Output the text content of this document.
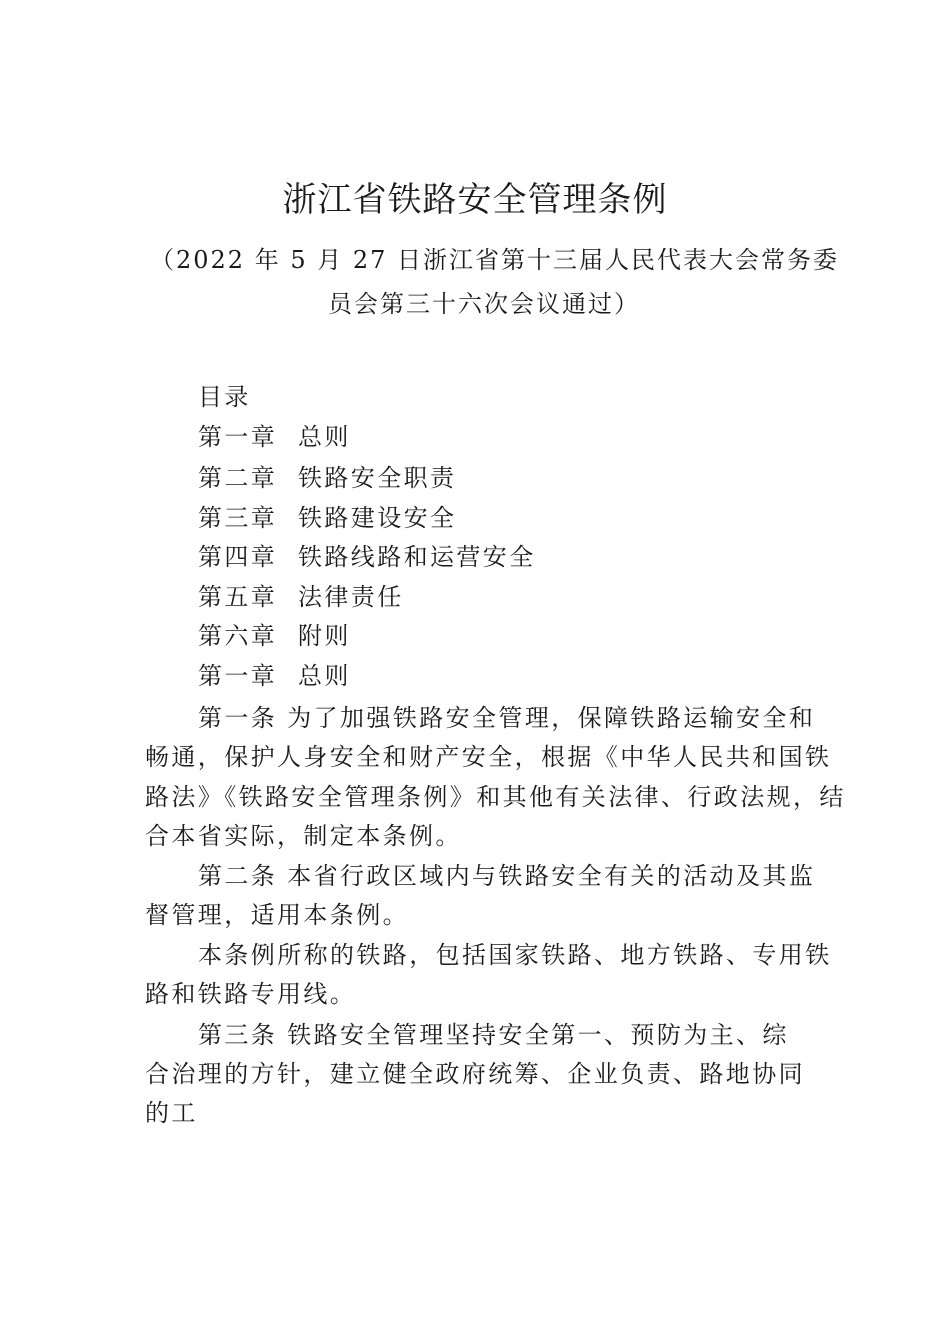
浙江省铁路安全管理条例
（2022 年 5 月 27 日浙江省第十三届人民代表大会常务委
员会第三十六次会议通过）
目录
第一章 总则
第二章 铁路安全职责
第三章 铁路建设安全
第四章 铁路线路和运营安全
第五章 法律责任
第六章 附则
第一章 总则
第一条 为了加强铁路安全管理，保障铁路运输安全和
畅通，保护人身安全和财产安全，根据《中华人民共和国铁
路法》《铁路安全管理条例》和其他有关法律、行政法规，结
合本省实际，制定本条例。
第二条 本省行政区域内与铁路安全有关的活动及其监
督管理，适用本条例。
本条例所称的铁路，包括国家铁路、地方铁路、专用铁
路和铁路专用线。
第三条 铁路安全管理坚持安全第一、预防为主、综
合治理的方针，建立健全政府统筹、企业负责、路地协同
的工
